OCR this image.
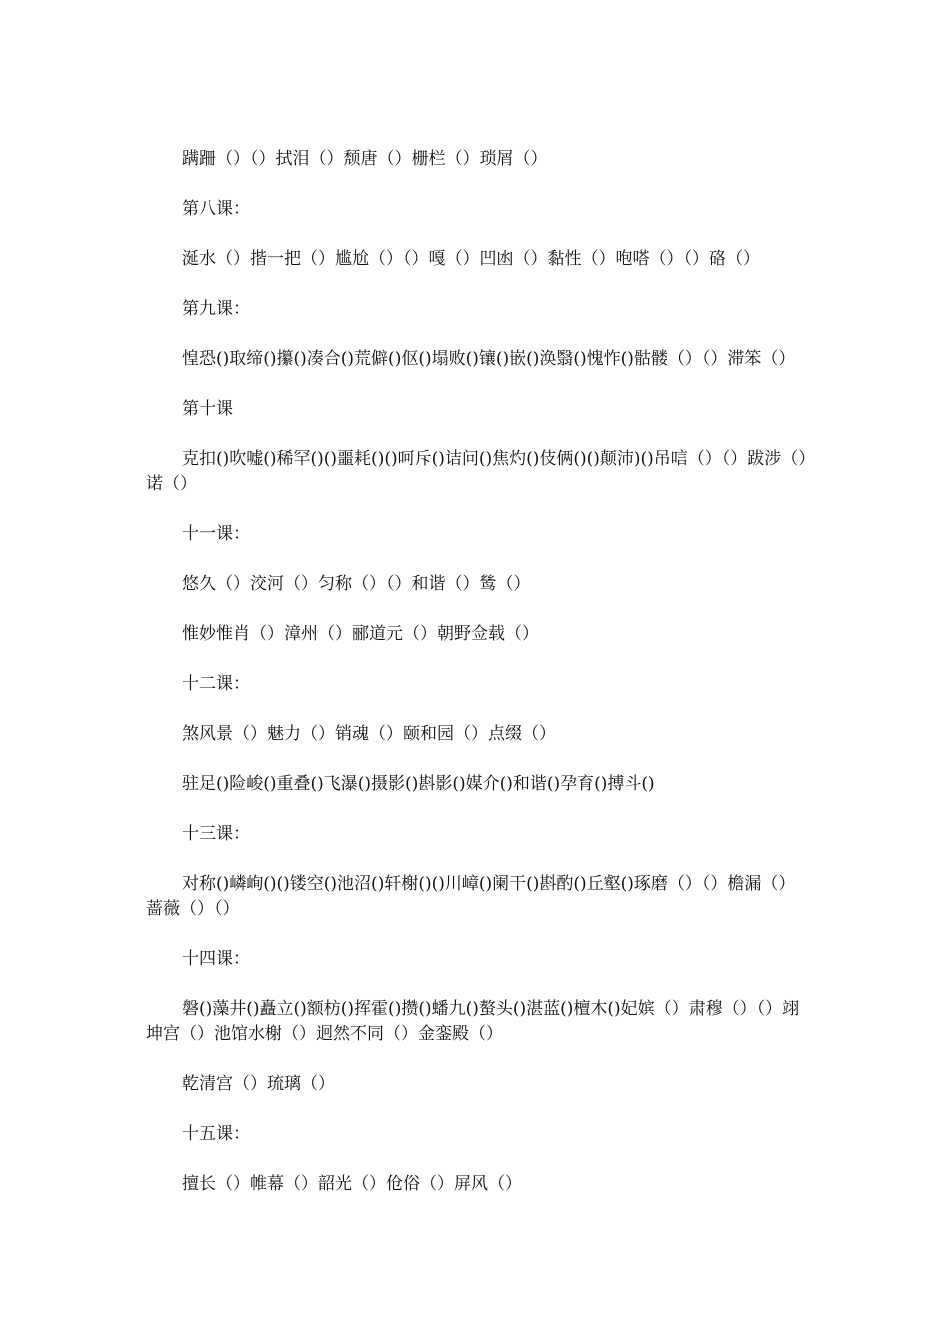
蹒跚（）（）拭泪（）颓唐（）栅栏（）琐屑（）

第八课：

涎水（）揩一把（）尴尬（）（）嘎（）凹凼（）黏性（）咆嗒（）（）硌（）

第九课：

惶恐()取缔()攥()凑合()荒僻()伛()塌败()镶()嵌()涣翳()愧怍()骷髅（）（）滞笨（）

第十课

克扣()吹嘘()稀罕()()噩耗()()呵斥()诘问()焦灼()伎俩()()颠沛)()吊唁（）（）跋涉（）诺（）

十一课：

悠久（）洨河（）匀称（）（）和谐（）鸶（）

惟妙惟肖（）漳州（）郦道元（）朝野佥载（）

十二课：

煞风景（）魅力（）销魂（）颐和园（）点缀（）

驻足()险峻()重叠()飞瀑()摄影()斟影()媒介()和谐()孕育()搏斗()

十三课：

对称()嶙峋()()镂空()池沼()轩榭()()川嶂()阑干()斟酌()丘壑()琢磨（）（）檐漏（）蔷薇（）（）

十四课：

磐()藻井()矗立()额枋()挥霍()攒()蟠九()螯头()湛蓝()檀木()妃嫔（）肃穆（）（）翊坤宫（）池馆水榭（）迥然不同（）金銮殿（）

乾清宫（）琉璃（）

十五课：

擅长（）帷幕（）韶光（）伧俗（）屏风（）
